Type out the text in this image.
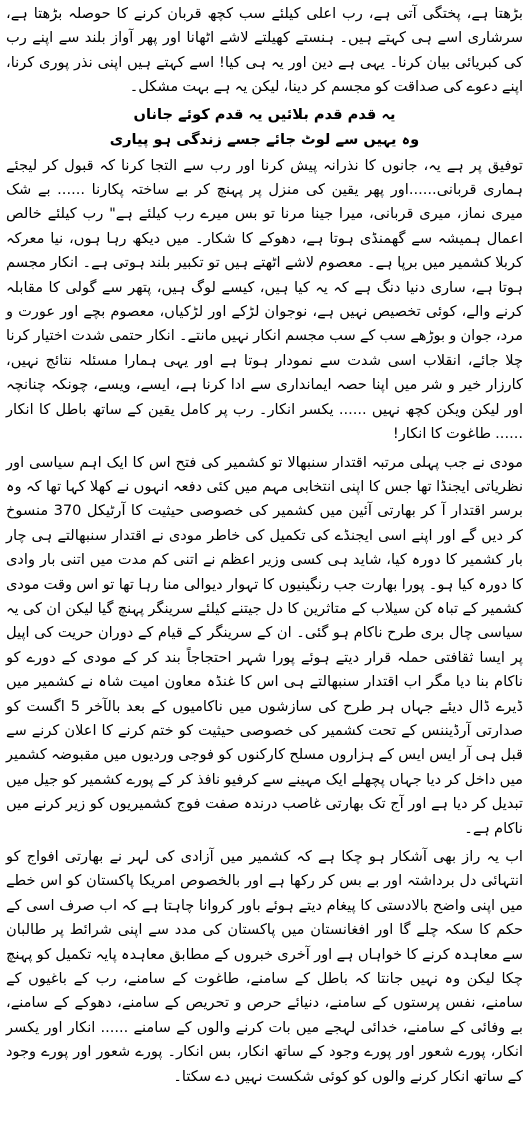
بڑھتا ہے، پختگی آتی ہے، رب اعلی کیلئے سب کچھ قربان کرنے کا حوصلہ بڑھتا ہے، سرشاری اسے ہی کہتے ہیں۔ ہنستے کھیلتے لاشے اٹھانا اور پھر آواز بلند سے اپنے رب کی کبریائی بیان کرنا۔ یہی ہے دین اور یہ ہی کیا! اسے کہتے ہیں اپنی نذر پوری کرنا، اپنے دعوے کی صداقت کو مجسم کر دینا، لیکن یہ ہے بہت مشکل۔

یہ قدم قدم بلائیں یہ قدم کوئے جاناں
وہ یہیں سے لوٹ جائے جسے زندگی ہو پیاری

توفیق پر ہے یہ، جانوں کا نذرانہ پیش کرنا اور رب سے التجا کرنا کہ قبول کر لیجئے ہماری قربانی......اور پھر یقین کی منزل پر پہنچ کر بے ساختہ پکارنا ...... بے شک میری نماز، میری قربانی، میرا جینا مرنا تو بس میرے رب کیلئے ہے" رب کیلئے خالص اعمال ہمیشہ سے گھمنڈی ہوتا ہے، دھوکے کا شکار۔ میں دیکھ رہا ہوں، نیا معرکہ کربلا کشمیر میں برپا ہے۔ معصوم لاشے اٹھتے ہیں تو تکبیر بلند ہوتی ہے۔ انکار مجسم ہوتا ہے، ساری دنیا دنگ ہے کہ یہ کیا ہیں، کیسے لوگ ہیں، پتھر سے گولی کا مقابلہ کرنے والے، کوئی تخصیص نہیں ہے، نوجوان لڑکے اور لڑکیاں، معصوم بچے اور عورت و مرد، جوان و بوڑھے سب کے سب مجسم انکار نہیں مانتے۔ انکار حتمی شدت اختیار کرنا چلا جائے، انقلاب اسی شدت سے نمودار ہوتا ہے اور یہی ہمارا مسئلہ نتائج نہیں، کارزار خیر و شر میں اپنا حصہ ایمانداری سے ادا کرنا ہے، ایسے، ویسے، چونکہ چنانچہ اور لیکن ویکن کچھ نہیں ...... یکسر انکار۔ رب پر کامل یقین کے ساتھ باطل کا انکار ...... طاغوت کا انکار!

مودی نے جب پہلی مرتبہ اقتدار سنبھالا تو کشمیر کی فتح اس کا ایک اہم سیاسی اور نظریاتی ایجنڈا تھا جس کا اپنی انتخابی مہم میں کئی دفعہ انہوں نے کھلا کہا تھا کہ وہ برسر اقتدار آ کر بھارتی آئین میں کشمیر کی خصوصی حیثیت کا آرٹیکل 370 منسوخ کر دیں گے اور اپنے اسی ایجنڈے کی تکمیل کی خاطر مودی نے اقتدار سنبھالتے ہی چار بار کشمیر کا دورہ کیا، شاید ہی کسی وزیر اعظم نے اتنی کم مدت میں اتنی بار وادی کا دورہ کیا ہو۔ پورا بھارت جب رنگینیوں کا تہوار دیوالی منا رہا تھا تو اس وقت مودی کشمیر کے تباہ کن سیلاب کے متاثرین کا دل جیتنے کیلئے سرینگر پہنچ گیا لیکن ان کی یہ سیاسی چال بری طرح ناکام ہو گئی۔ ان کے سرینگر کے قیام کے دوران حریت کی اپیل پر ایسا ثقافتی حملہ قرار دیتے ہوئے پورا شہر احتجاجاً بند کر کے مودی کے دورے کو ناکام بنا دیا مگر اب اقتدار سنبھالتے ہی اس کا غنڈہ معاون امیت شاہ نے کشمیر میں ڈیرے ڈال دیئے جہاں ہر طرح کی سازشوں میں ناکامیوں کے بعد بالآخر 5 اگست کو صدارتی آرڈیننس کے تحت کشمیر کی خصوصی حیثیت کو ختم کرنے کا اعلان کرنے سے قبل ہی آر ایس ایس کے ہزاروں مسلح کارکنوں کو فوجی وردیوں میں مقبوضہ کشمیر میں داخل کر دیا جہاں پچھلے ایک مہینے سے کرفیو نافذ کر کے پورے کشمیر کو جیل میں تبدیل کر دیا ہے اور آج تک بھارتی غاصب درندہ صفت فوج کشمیریوں کو زیر کرنے میں ناکام ہے۔

اب یہ راز بھی آشکار ہو چکا ہے کہ کشمیر میں آزادی کی لہر نے بھارتی افواج کو انتہائی دل برداشتہ اور بے بس کر رکھا ہے اور بالخصوص امریکا پاکستان کو اس خطے میں اپنی واضح بالادستی کا پیغام دیتے ہوئے باور کروانا چاہتا ہے کہ اب صرف اسی کے حکم کا سکہ چلے گا اور افغانستان میں پاکستان کی مدد سے اپنی شرائط پر طالبان سے معاہدہ کرنے کا خواہاں ہے اور آخری خبروں کے مطابق معاہدہ پایہ تکمیل کو پہنچ چکا لیکن وہ نہیں جانتا کہ باطل کے سامنے، طاغوت کے سامنے، رب کے باغیوں کے سامنے، نفس پرستوں کے سامنے، دنیائے حرص و تحریص کے سامنے، دھوکے کے سامنے، بے وفائی کے سامنے، خدائی لہجے میں بات کرنے والوں کے سامنے ...... انکار اور یکسر انکار، پورے شعور اور پورے وجود کے ساتھ انکار، بس انکار۔ پورے شعور اور پورے وجود کے ساتھ انکار کرنے والوں کو کوئی شکست نہیں دے سکتا۔
